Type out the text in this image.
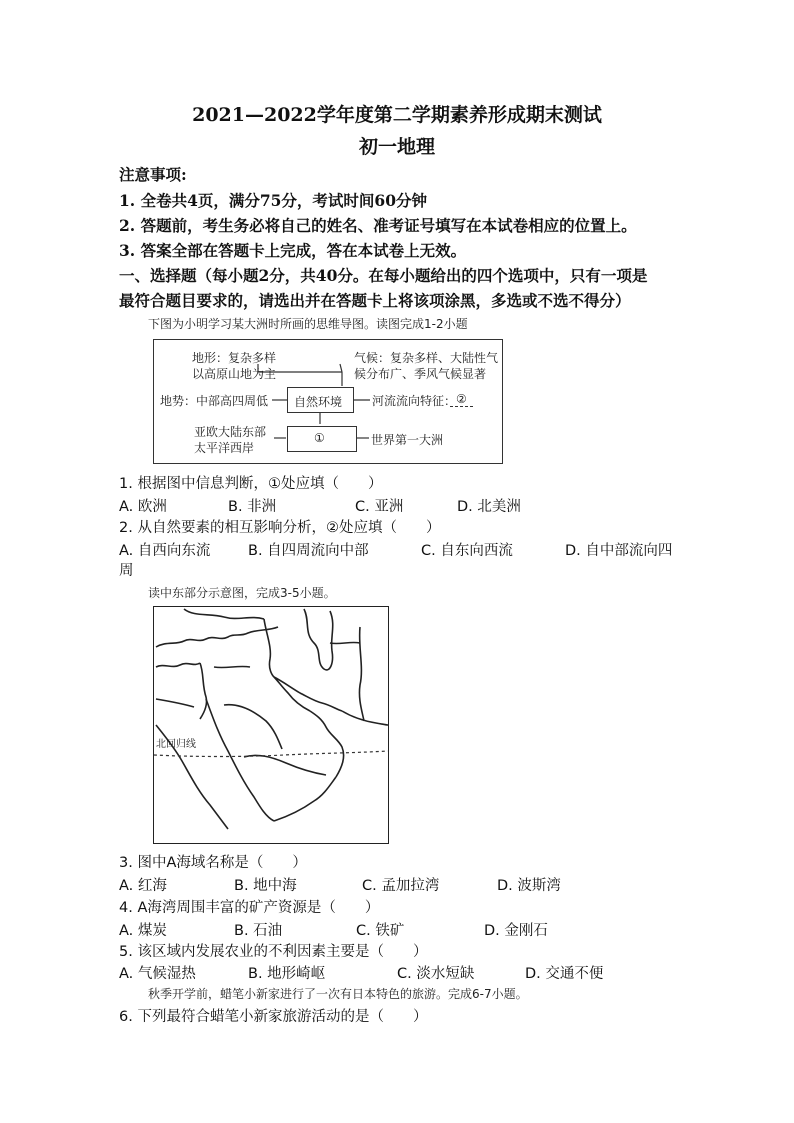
2021—2022学年度第二学期素养形成期末测试
初一地理
注意事项:
1. 全卷共4页，满分75分，考试时间60分钟
2. 答题前，考生务必将自己的姓名、准考证号填写在本试卷相应的位置上。
3. 答案全部在答题卡上完成，答在本试卷上无效。
一、选择题（每小题2分，共40分。在每小题给出的四个选项中，只有一项是
最符合题目要求的，请选出并在答题卡上将该项涂黑，多选或不选不得分）
下图为小明学习某大洲时所画的思维导图。读图完成1-2小题
地形：复杂多样
以高原山地为主
气候：复杂多样、大陆性气
候分布广、季风气候显著
地势：中部高四周低 自然环境 河流流向特征： ②
亚欧大陆东部
太平洋西岸
①	世界第一大洲
1. 根据图中信息判断，①处应填（　　）
A. 欧洲	B. 非洲	C. 亚洲	D. 北美洲
2. 从自然要素的相互影响分析，②处应填（　　）
A. 自西向东流	B. 自四周流向中部	C. 自东向西流	D. 自中部流向四
周
读中东部分示意图，完成3-5小题。
北回归线
3. 图中A海域名称是（　　）
A. 红海	B. 地中海	C. 孟加拉湾	D. 波斯湾
4. A海湾周围丰富的矿产资源是（　　）
A. 煤炭	B. 石油	C. 铁矿	D. 金刚石
5. 该区域内发展农业的不利因素主要是（　　）
A. 气候湿热	B. 地形崎岖	C. 淡水短缺	D. 交通不便
秋季开学前，蜡笔小新家进行了一次有日本特色的旅游。完成6-7小题。
6. 下列最符合蜡笔小新家旅游活动的是（　　）
